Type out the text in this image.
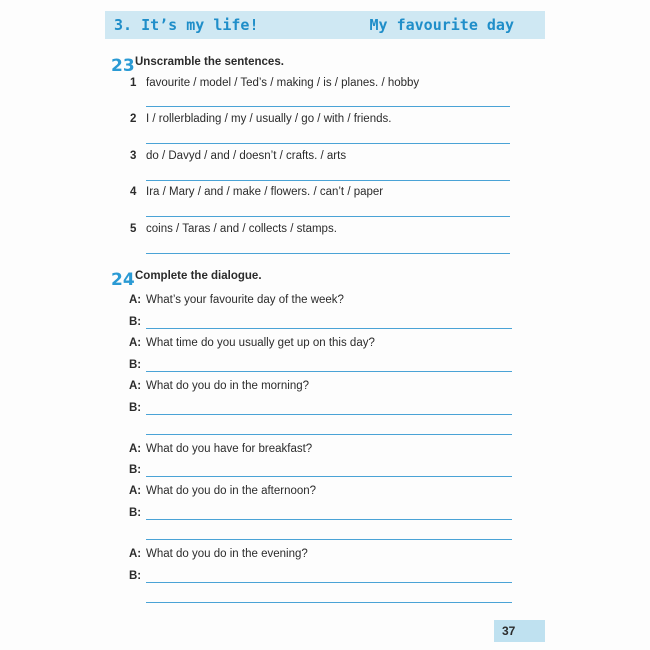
3. It’s my life!	My favourite day
23 Unscramble the sentences.
1 favourite / model / Ted’s / making / is / planes. / hobby
2 I / rollerblading / my / usually / go / with / friends.
3 do / Davyd / and / doesn’t / crafts. / arts
4 Ira / Mary / and / make / flowers. / can’t / paper
5 coins / Taras / and / collects / stamps.
24 Complete the dialogue.
A: What’s your favourite day of the week?
B:
A: What time do you usually get up on this day?
B:
A: What do you do in the morning?
B:
A: What do you have for breakfast?
B:
A: What do you do in the afternoon?
B:
A: What do you do in the evening?
B:
37
